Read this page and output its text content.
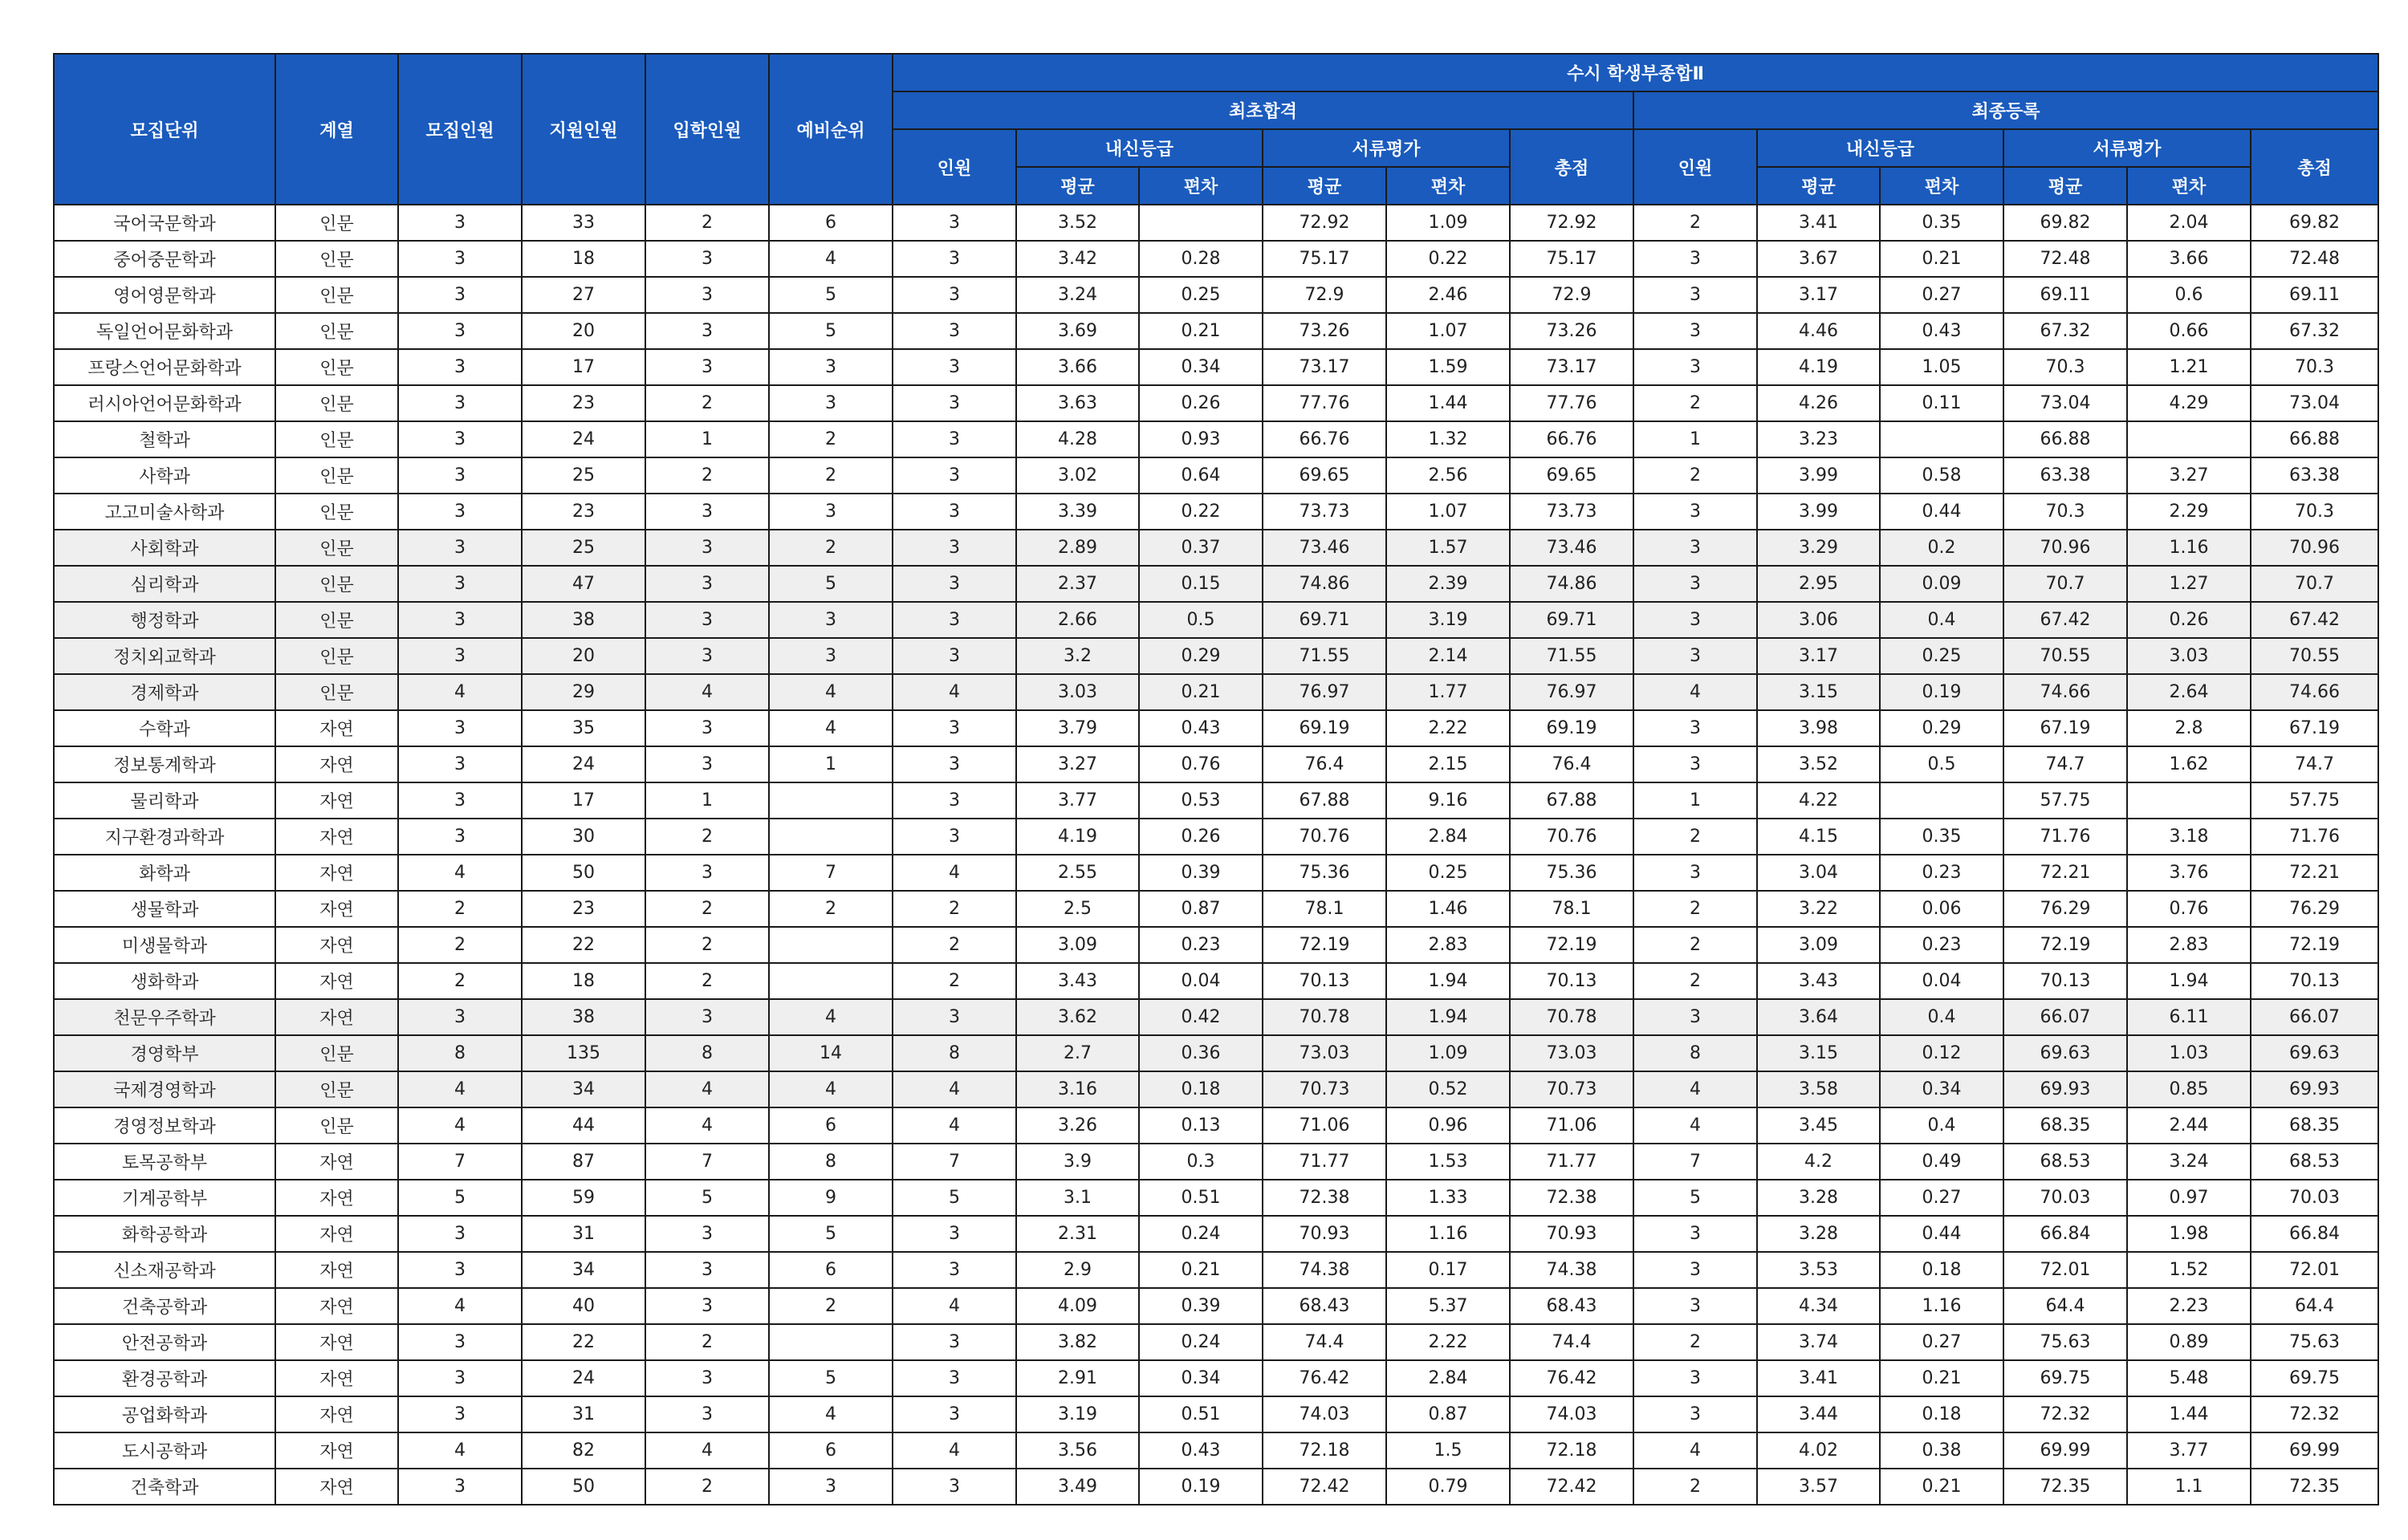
모집단위	계열	모집인원	지원인원	입학인원	예비순위	수시 학생부종합Ⅱ											
						최초합격						최종등록					
						인원	내신등급		서류평가		총점	인원	내신등급		서류평가		총점
							평균	편차	평균	편차			평균	편차	평균	편차	
국어국문학과	인문	3	33	2	6	3	3.52		72.92	1.09	72.92	2	3.41	0.35	69.82	2.04	69.82
중어중문학과	인문	3	18	3	4	3	3.42	0.28	75.17	0.22	75.17	3	3.67	0.21	72.48	3.66	72.48
영어영문학과	인문	3	27	3	5	3	3.24	0.25	72.9	2.46	72.9	3	3.17	0.27	69.11	0.6	69.11
독일언어문화학과	인문	3	20	3	5	3	3.69	0.21	73.26	1.07	73.26	3	4.46	0.43	67.32	0.66	67.32
프랑스언어문화학과	인문	3	17	3	3	3	3.66	0.34	73.17	1.59	73.17	3	4.19	1.05	70.3	1.21	70.3
러시아언어문화학과	인문	3	23	2	3	3	3.63	0.26	77.76	1.44	77.76	2	4.26	0.11	73.04	4.29	73.04
철학과	인문	3	24	1	2	3	4.28	0.93	66.76	1.32	66.76	1	3.23		66.88		66.88
사학과	인문	3	25	2	2	3	3.02	0.64	69.65	2.56	69.65	2	3.99	0.58	63.38	3.27	63.38
고고미술사학과	인문	3	23	3	3	3	3.39	0.22	73.73	1.07	73.73	3	3.99	0.44	70.3	2.29	70.3
사회학과	인문	3	25	3	2	3	2.89	0.37	73.46	1.57	73.46	3	3.29	0.2	70.96	1.16	70.96
심리학과	인문	3	47	3	5	3	2.37	0.15	74.86	2.39	74.86	3	2.95	0.09	70.7	1.27	70.7
행정학과	인문	3	38	3	3	3	2.66	0.5	69.71	3.19	69.71	3	3.06	0.4	67.42	0.26	67.42
정치외교학과	인문	3	20	3	3	3	3.2	0.29	71.55	2.14	71.55	3	3.17	0.25	70.55	3.03	70.55
경제학과	인문	4	29	4	4	4	3.03	0.21	76.97	1.77	76.97	4	3.15	0.19	74.66	2.64	74.66
수학과	자연	3	35	3	4	3	3.79	0.43	69.19	2.22	69.19	3	3.98	0.29	67.19	2.8	67.19
정보통계학과	자연	3	24	3	1	3	3.27	0.76	76.4	2.15	76.4	3	3.52	0.5	74.7	1.62	74.7
물리학과	자연	3	17	1		3	3.77	0.53	67.88	9.16	67.88	1	4.22		57.75		57.75
지구환경과학과	자연	3	30	2		3	4.19	0.26	70.76	2.84	70.76	2	4.15	0.35	71.76	3.18	71.76
화학과	자연	4	50	3	7	4	2.55	0.39	75.36	0.25	75.36	3	3.04	0.23	72.21	3.76	72.21
생물학과	자연	2	23	2	2	2	2.5	0.87	78.1	1.46	78.1	2	3.22	0.06	76.29	0.76	76.29
미생물학과	자연	2	22	2		2	3.09	0.23	72.19	2.83	72.19	2	3.09	0.23	72.19	2.83	72.19
생화학과	자연	2	18	2		2	3.43	0.04	70.13	1.94	70.13	2	3.43	0.04	70.13	1.94	70.13
천문우주학과	자연	3	38	3	4	3	3.62	0.42	70.78	1.94	70.78	3	3.64	0.4	66.07	6.11	66.07
경영학부	인문	8	135	8	14	8	2.7	0.36	73.03	1.09	73.03	8	3.15	0.12	69.63	1.03	69.63
국제경영학과	인문	4	34	4	4	4	3.16	0.18	70.73	0.52	70.73	4	3.58	0.34	69.93	0.85	69.93
경영정보학과	인문	4	44	4	6	4	3.26	0.13	71.06	0.96	71.06	4	3.45	0.4	68.35	2.44	68.35
토목공학부	자연	7	87	7	8	7	3.9	0.3	71.77	1.53	71.77	7	4.2	0.49	68.53	3.24	68.53
기계공학부	자연	5	59	5	9	5	3.1	0.51	72.38	1.33	72.38	5	3.28	0.27	70.03	0.97	70.03
화학공학과	자연	3	31	3	5	3	2.31	0.24	70.93	1.16	70.93	3	3.28	0.44	66.84	1.98	66.84
신소재공학과	자연	3	34	3	6	3	2.9	0.21	74.38	0.17	74.38	3	3.53	0.18	72.01	1.52	72.01
건축공학과	자연	4	40	3	2	4	4.09	0.39	68.43	5.37	68.43	3	4.34	1.16	64.4	2.23	64.4
안전공학과	자연	3	22	2		3	3.82	0.24	74.4	2.22	74.4	2	3.74	0.27	75.63	0.89	75.63
환경공학과	자연	3	24	3	5	3	2.91	0.34	76.42	2.84	76.42	3	3.41	0.21	69.75	5.48	69.75
공업화학과	자연	3	31	3	4	3	3.19	0.51	74.03	0.87	74.03	3	3.44	0.18	72.32	1.44	72.32
도시공학과	자연	4	82	4	6	4	3.56	0.43	72.18	1.5	72.18	4	4.02	0.38	69.99	3.77	69.99
건축학과	자연	3	50	2	3	3	3.49	0.19	72.42	0.79	72.42	2	3.57	0.21	72.35	1.1	72.35
